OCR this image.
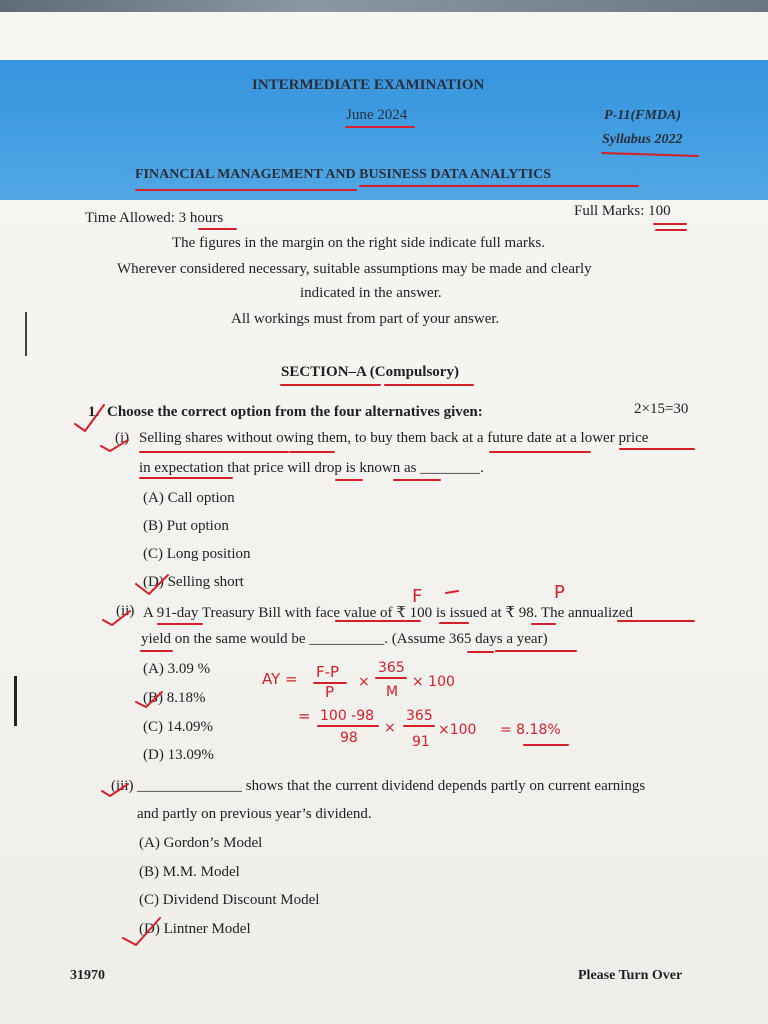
INTERMEDIATE EXAMINATION
June 2024	P-11(FMDA)
Syllabus 2022
FINANCIAL MANAGEMENT AND BUSINESS DATA ANALYTICS
Time Allowed: 3 hours	Full Marks: 100
The figures in the margin on the right side indicate full marks.
Wherever considered necessary, suitable assumptions may be made and clearly
indicated in the answer.
All workings must from part of your answer.
SECTION–A (Compulsory)
1. Choose the correct option from the four alternatives given:	2×15=30
(i) Selling shares without owing them, to buy them back at a future date at a lower price
in expectation that price will drop is known as ________.
(A) Call option
(B) Put option
(C) Long position
(D) Selling short
(ii) A 91-day Treasury Bill with face value of ₹ 100 is issued at ₹ 98. The annualized
yield on the same would be __________. (Assume 365 days a year)
(A) 3.09 %
(B) 8.18%
(C) 14.09%
(D) 13.09%
(iii) ______________ shows that the current dividend depends partly on current earnings
and partly on previous year’s dividend.
(A) Gordon’s Model
(B) M.M. Model
(C) Dividend Discount Model
(D) Lintner Model
31970	Please Turn Over
F	P
AY = F-P
P
×
365
M
× 100
= 100 -98
98
×
365
91
×100 = 8.18%
